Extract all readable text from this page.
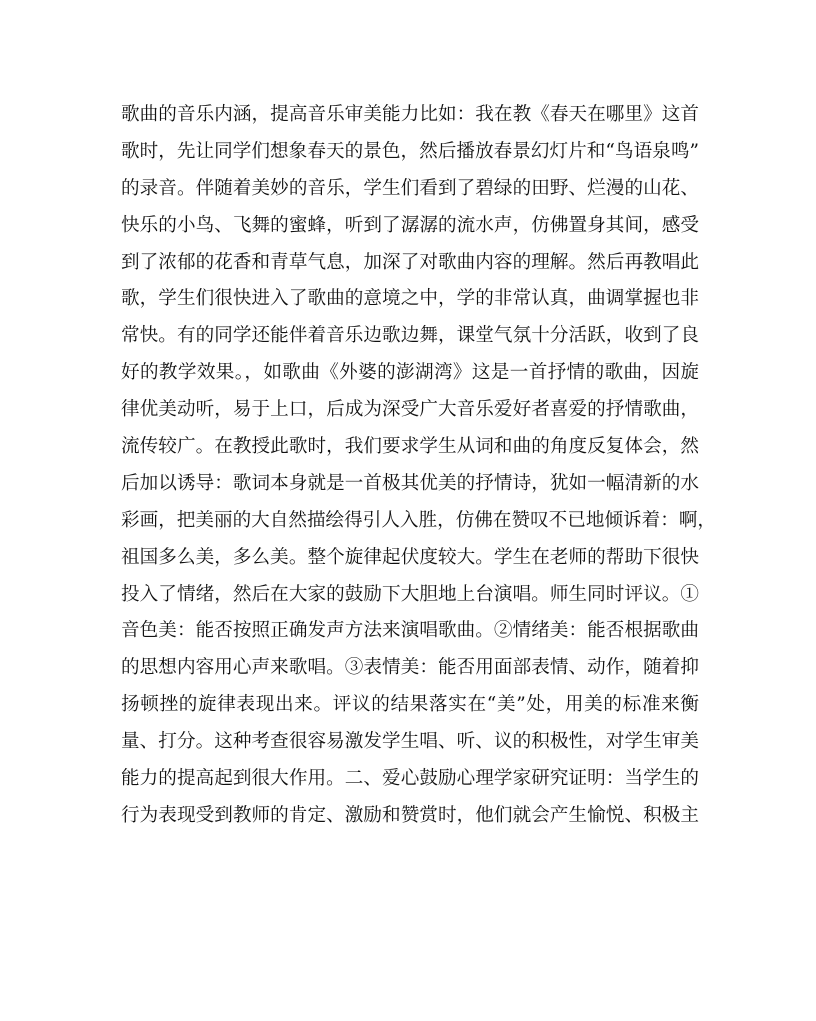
歌曲的音乐内涵，提高音乐审美能力比如：我在教《春天在哪里》这首
歌时，先让同学们想象春天的景色，然后播放春景幻灯片和“鸟语泉鸣”
的录音。伴随着美妙的音乐，学生们看到了碧绿的田野、烂漫的山花、
快乐的小鸟、飞舞的蜜蜂，听到了潺潺的流水声，仿佛置身其间，感受
到了浓郁的花香和青草气息，加深了对歌曲内容的理解。然后再教唱此
歌，学生们很快进入了歌曲的意境之中，学的非常认真，曲调掌握也非
常快。有的同学还能伴着音乐边歌边舞，课堂气氛十分活跃，收到了良
好的教学效果。，如歌曲《外婆的澎湖湾》这是一首抒情的歌曲，因旋
律优美动听，易于上口，后成为深受广大音乐爱好者喜爱的抒情歌曲，
流传较广。在教授此歌时，我们要求学生从词和曲的角度反复体会，然
后加以诱导：歌词本身就是一首极其优美的抒情诗，犹如一幅清新的水
彩画，把美丽的大自然描绘得引人入胜，仿佛在赞叹不已地倾诉着：啊，
祖国多么美，多么美。整个旋律起伏度较大。学生在老师的帮助下很快
投入了情绪，然后在大家的鼓励下大胆地上台演唱。师生同时评议。①
音色美：能否按照正确发声方法来演唱歌曲。②情绪美：能否根据歌曲
的思想内容用心声来歌唱。③表情美：能否用面部表情、动作，随着抑
扬顿挫的旋律表现出来。评议的结果落实在“美”处，用美的标准来衡
量、打分。这种考查很容易激发学生唱、听、议的积极性，对学生审美
能力的提高起到很大作用。二、爱心鼓励心理学家研究证明：当学生的
行为表现受到教师的肯定、激励和赞赏时，他们就会产生愉悦、积极主
